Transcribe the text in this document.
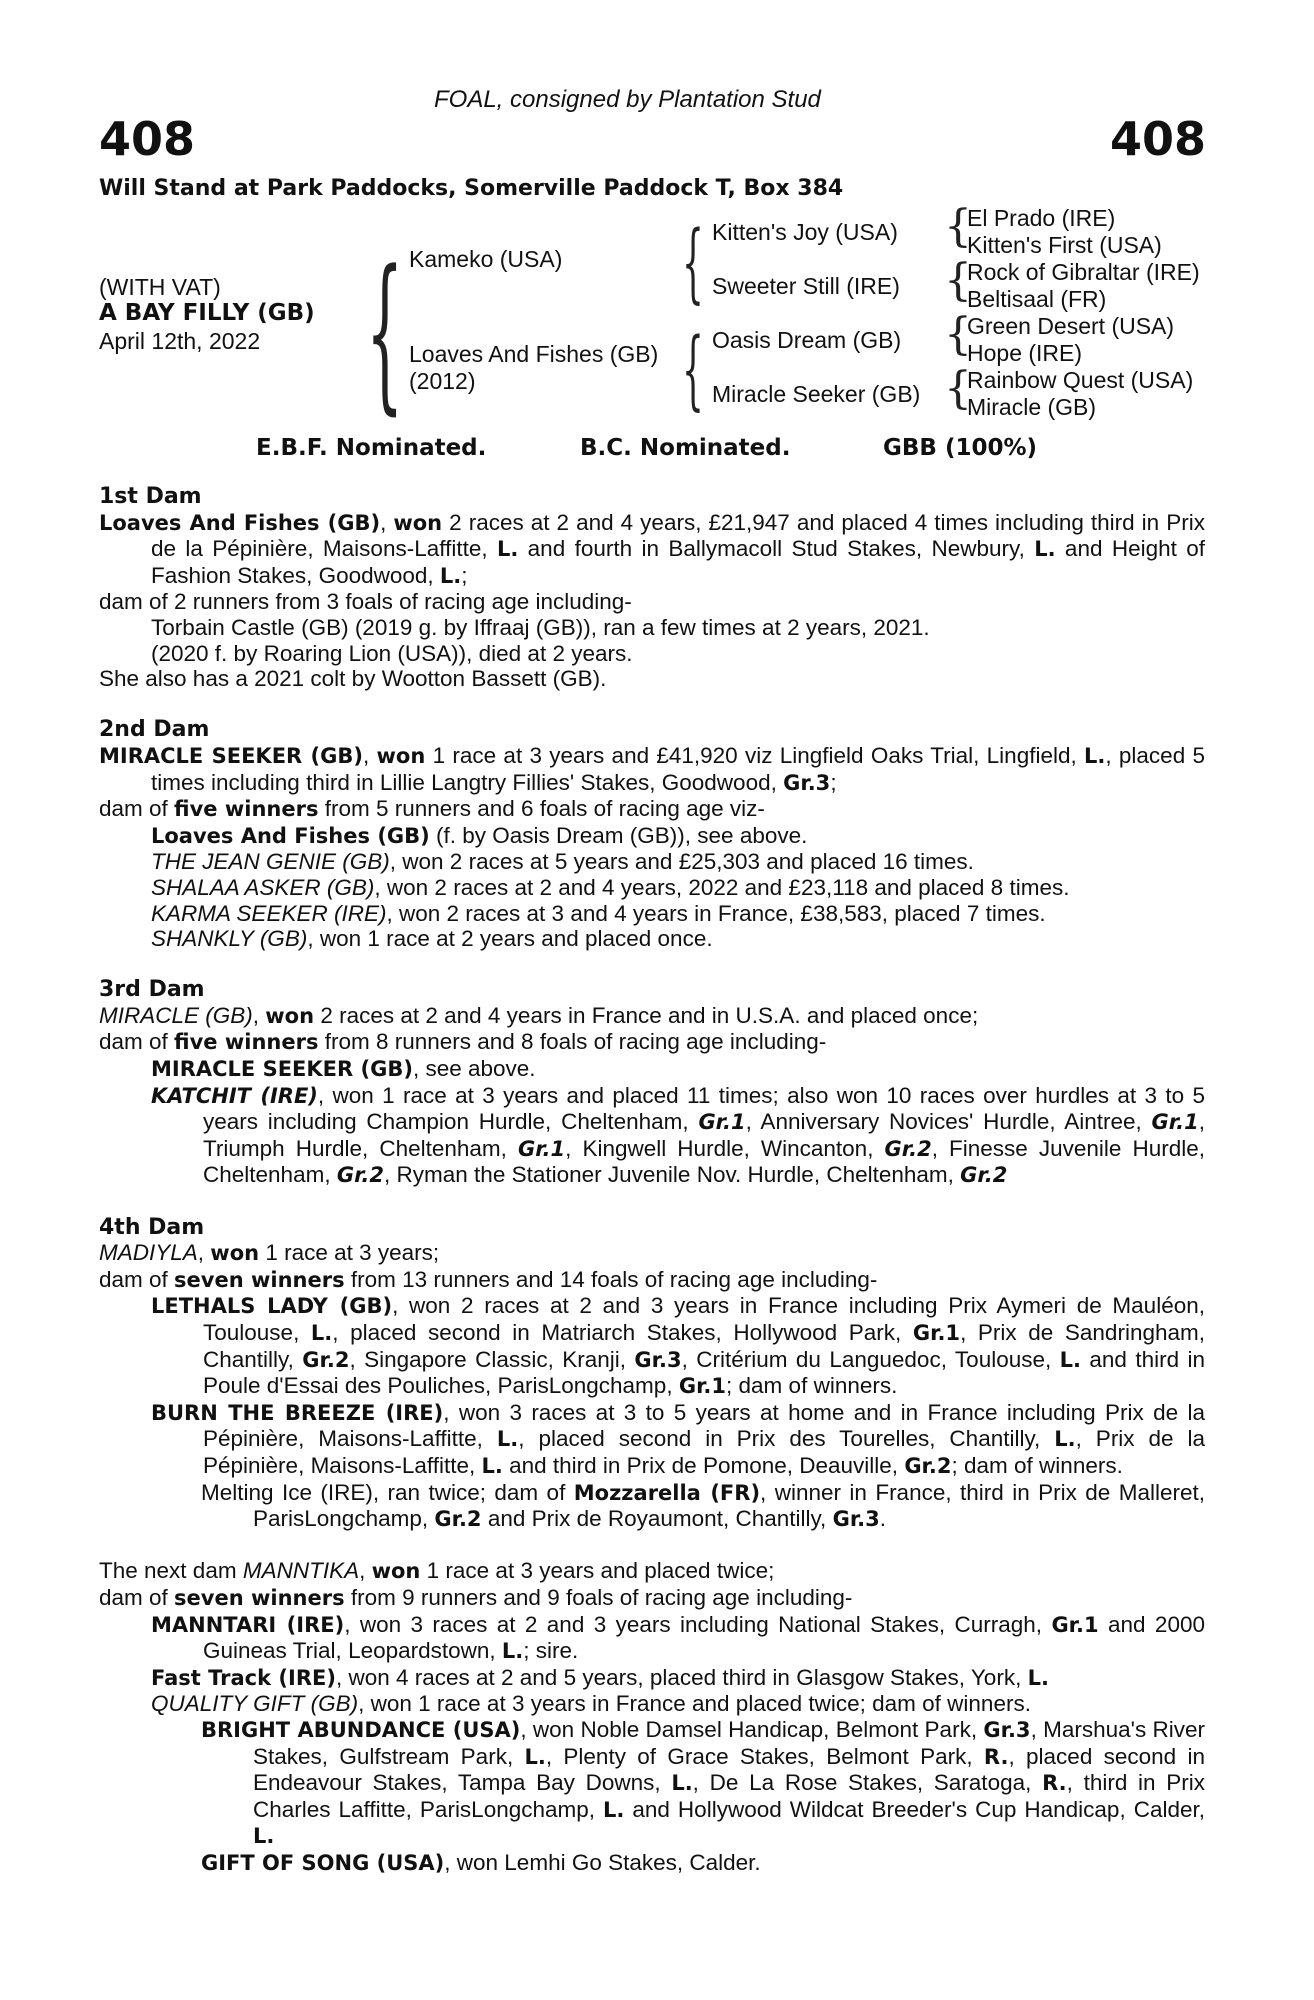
FOAL, consigned by Plantation Stud
408	408
Will Stand at Park Paddocks, Somerville Paddock T, Box 384
(WITH VAT)
A BAY FILLY (GB)
April 12th, 2022 {	{
{
{
{
{
{
Kameko (USA)
Loaves And Fishes (GB)
(2012)
Kitten's Joy (USA)
Sweeter Still (IRE)
Oasis Dream (GB)
Miracle Seeker (GB)
El Prado (IRE)
Kitten's First (USA)
Rock of Gibraltar (IRE)
Beltisaal (FR)
Green Desert (USA)
Hope (IRE)
Rainbow Quest (USA)
Miracle (GB)
E.B.F. Nominated.	B.C. Nominated.	GBB (100%)
1st Dam
Loaves And Fishes (GB), won 2 races at 2 and 4 years, £21,947 and placed 4 times including third in Prix de la Pépinière, Maisons-Laffitte, L. and fourth in Ballymacoll Stud Stakes, Newbury, L. and Height of Fashion Stakes, Goodwood, L.;
dam of 2 runners from 3 foals of racing age including-
Torbain Castle (GB) (2019 g. by Iffraaj (GB)), ran a few times at 2 years, 2021.
(2020 f. by Roaring Lion (USA)), died at 2 years.
She also has a 2021 colt by Wootton Bassett (GB).
2nd Dam
MIRACLE SEEKER (GB), won 1 race at 3 years and £41,920 viz Lingfield Oaks Trial, Lingfield, L., placed 5 times including third in Lillie Langtry Fillies' Stakes, Goodwood, Gr.3;
dam of five winners from 5 runners and 6 foals of racing age viz-
Loaves And Fishes (GB) (f. by Oasis Dream (GB)), see above.
THE JEAN GENIE (GB), won 2 races at 5 years and £25,303 and placed 16 times.
SHALAA ASKER (GB), won 2 races at 2 and 4 years, 2022 and £23,118 and placed 8 times.
KARMA SEEKER (IRE), won 2 races at 3 and 4 years in France, £38,583, placed 7 times.
SHANKLY (GB), won 1 race at 2 years and placed once.
3rd Dam
MIRACLE (GB), won 2 races at 2 and 4 years in France and in U.S.A. and placed once;
dam of five winners from 8 runners and 8 foals of racing age including-
MIRACLE SEEKER (GB), see above.
KATCHIT (IRE), won 1 race at 3 years and placed 11 times; also won 10 races over hurdles at 3 to 5 years including Champion Hurdle, Cheltenham, Gr.1, Anniversary Novices' Hurdle, Aintree, Gr.1, Triumph Hurdle, Cheltenham, Gr.1, Kingwell Hurdle, Wincanton, Gr.2, Finesse Juvenile Hurdle, Cheltenham, Gr.2, Ryman the Stationer Juvenile Nov. Hurdle, Cheltenham, Gr.2
4th Dam
MADIYLA, won 1 race at 3 years;
dam of seven winners from 13 runners and 14 foals of racing age including-
LETHALS LADY (GB), won 2 races at 2 and 3 years in France including Prix Aymeri de Mauléon, Toulouse, L., placed second in Matriarch Stakes, Hollywood Park, Gr.1, Prix de Sandringham, Chantilly, Gr.2, Singapore Classic, Kranji, Gr.3, Critérium du Languedoc, Toulouse, L. and third in Poule d'Essai des Pouliches, ParisLongchamp, Gr.1; dam of winners.
BURN THE BREEZE (IRE), won 3 races at 3 to 5 years at home and in France including Prix de la Pépinière, Maisons-Laffitte, L., placed second in Prix des Tourelles, Chantilly, L., Prix de la Pépinière, Maisons-Laffitte, L. and third in Prix de Pomone, Deauville, Gr.2; dam of winners.
Melting Ice (IRE), ran twice; dam of Mozzarella (FR), winner in France, third in Prix de Malleret, ParisLongchamp, Gr.2 and Prix de Royaumont, Chantilly, Gr.3.
The next dam MANNTIKA, won 1 race at 3 years and placed twice;
dam of seven winners from 9 runners and 9 foals of racing age including-
MANNTARI (IRE), won 3 races at 2 and 3 years including National Stakes, Curragh, Gr.1 and 2000 Guineas Trial, Leopardstown, L.; sire.
Fast Track (IRE), won 4 races at 2 and 5 years, placed third in Glasgow Stakes, York, L.
QUALITY GIFT (GB), won 1 race at 3 years in France and placed twice; dam of winners.
BRIGHT ABUNDANCE (USA), won Noble Damsel Handicap, Belmont Park, Gr.3, Marshua's River Stakes, Gulfstream Park, L., Plenty of Grace Stakes, Belmont Park, R., placed second in Endeavour Stakes, Tampa Bay Downs, L., De La Rose Stakes, Saratoga, R., third in Prix Charles Laffitte, ParisLongchamp, L. and Hollywood Wildcat Breeder's Cup Handicap, Calder, L.
GIFT OF SONG (USA), won Lemhi Go Stakes, Calder.
